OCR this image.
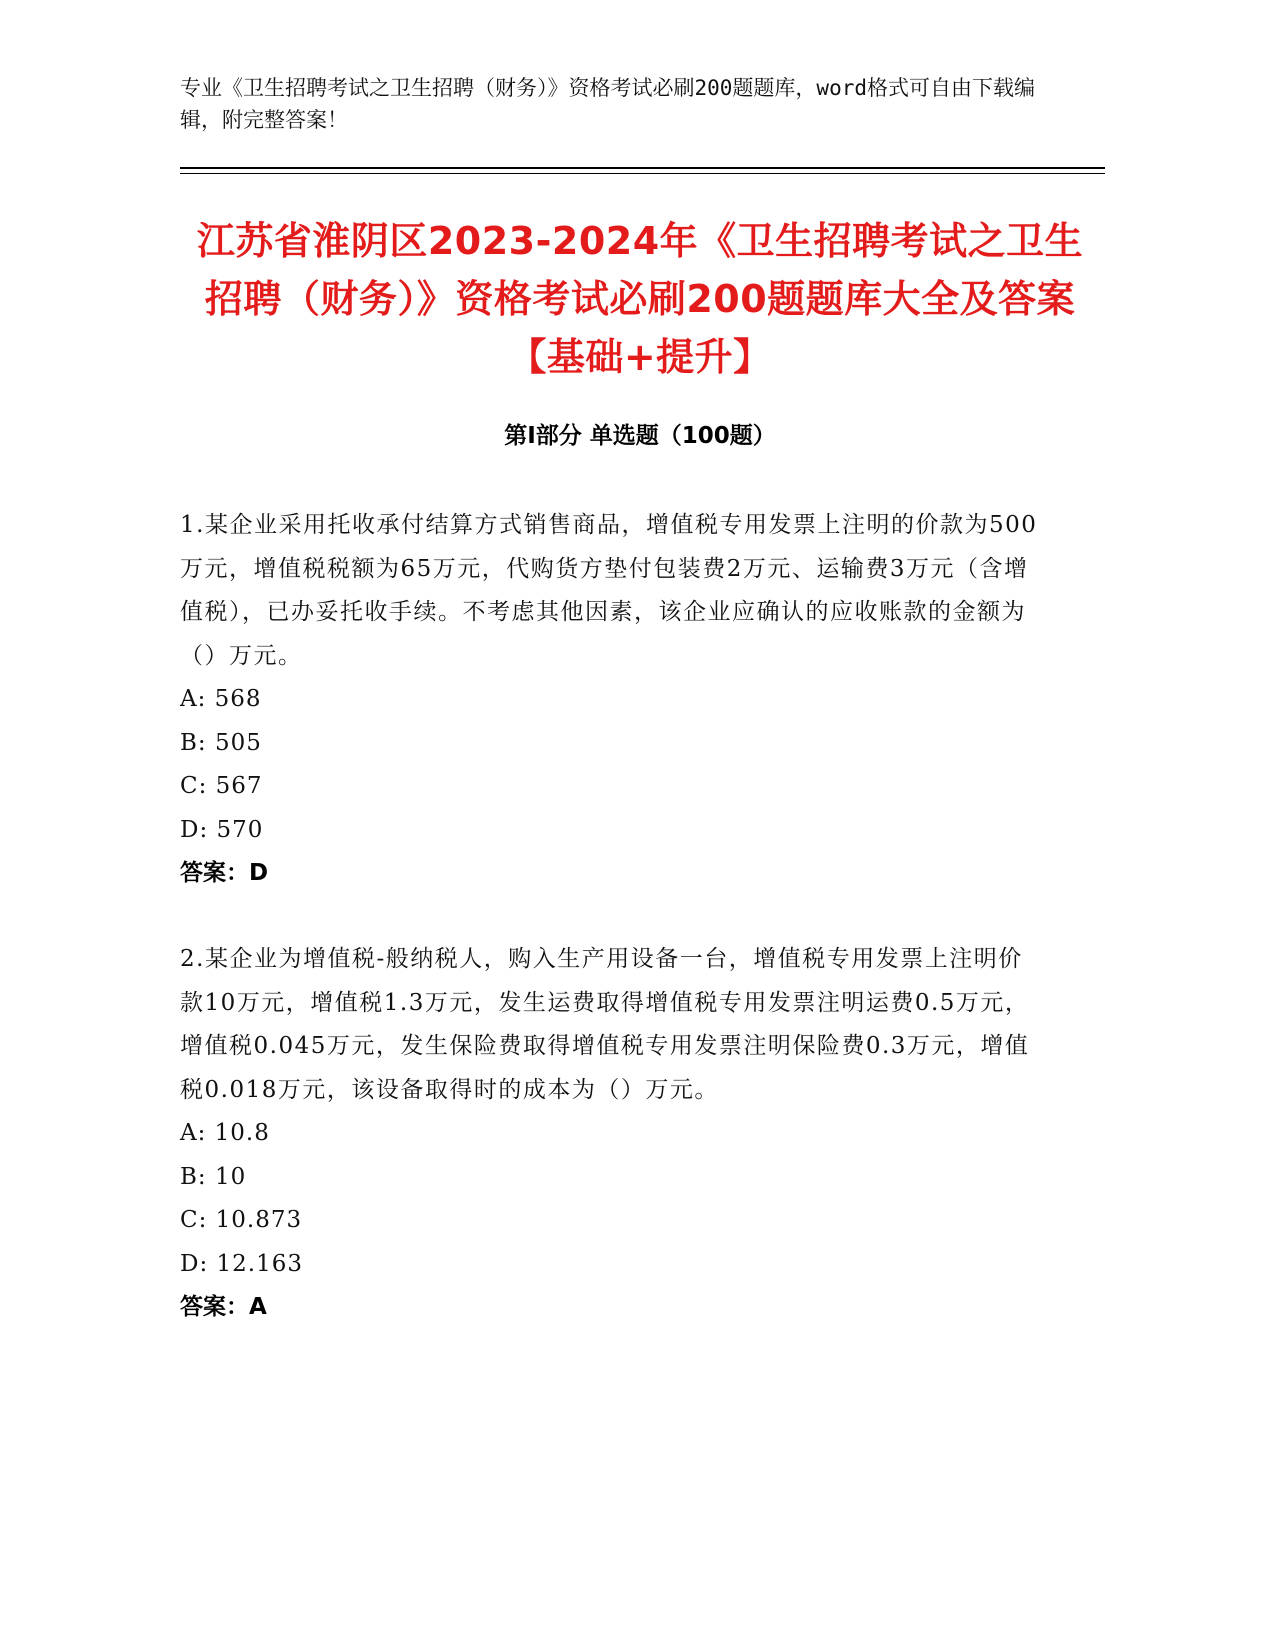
专业《卫生招聘考试之卫生招聘（财务）》资格考试必刷200题题库，word格式可自由下载编辑，附完整答案！
江苏省淮阴区2023-2024年《卫生招聘考试之卫生招聘（财务）》资格考试必刷200题题库大全及答案【基础+提升】
第Ⅰ部分 单选题（100题）
1.某企业采用托收承付结算方式销售商品，增值税专用发票上注明的价款为500万元，增值税税额为65万元，代购货方垫付包装费2万元、运输费3万元（含增值税），已办妥托收手续。不考虑其他因素，该企业应确认的应收账款的金额为（）万元。
A: 568
B: 505
C: 567
D: 570
答案：D
2.某企业为增值税-般纳税人，购入生产用设备一台，增值税专用发票上注明价款10万元，增值税1.3万元，发生运费取得增值税专用发票注明运费0.5万元，增值税0.045万元，发生保险费取得增值税专用发票注明保险费0.3万元，增值税0.018万元，该设备取得时的成本为（）万元。
A: 10.8
B: 10
C: 10.873
D: 12.163
答案：A
